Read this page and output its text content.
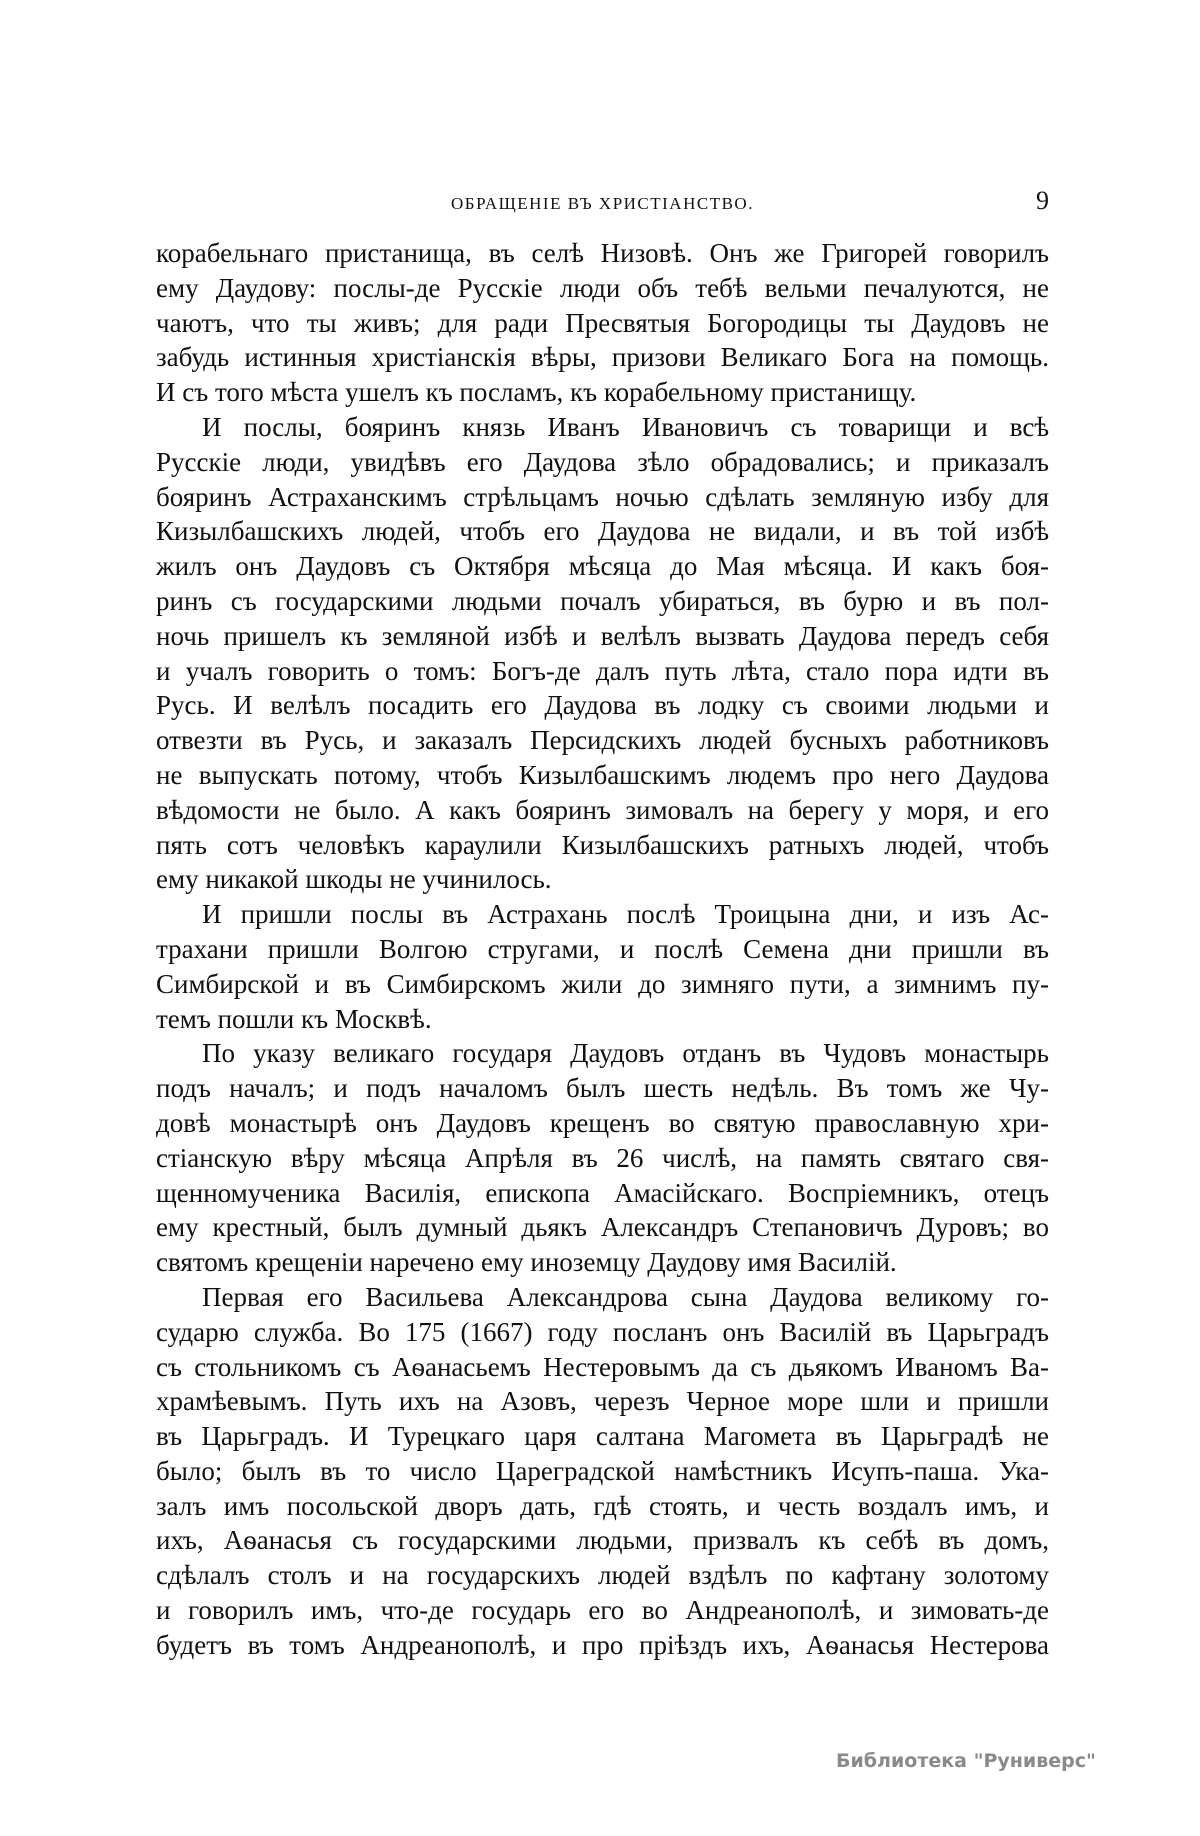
ОБРАЩЕНІЕ ВЪ ХРИСТІАНСТВО.	9
корабельнаго пристанища, въ селѣ Низовѣ. Онъ же Григорей говорилъ
ему Даудову: послы-де Русскіе люди объ тебѣ вельми печалуются, не
чаютъ, что ты живъ; для ради Пресвятыя Богородицы ты Даудовъ не
забудь истинныя христіанскія вѣры, призови Великаго Бога на помощь.
И съ того мѣста ушелъ къ посламъ, къ корабельному пристанищу.
И послы, бояринъ князь Иванъ Ивановичъ съ товарищи и всѣ
Русскіе люди, увидѣвъ его Даудова зѣло обрадовались; и приказалъ
бояринъ Астраханскимъ стрѣльцамъ ночью сдѣлать земляную избу для
Кизылбашскихъ людей, чтобъ его Даудова не видали, и въ той избѣ
жилъ онъ Даудовъ съ Октября мѣсяца до Мая мѣсяца. И какъ боя-
ринъ съ государскими людьми почалъ убираться, въ бурю и въ пол-
ночь пришелъ къ земляной избѣ и велѣлъ вызвать Даудова передъ себя
и учалъ говорить о томъ: Богъ-де далъ путь лѣта, стало пора идти въ
Русь. И велѣлъ посадить его Даудова въ лодку съ своими людьми и
отвезти въ Русь, и заказалъ Персидскихъ людей бусныхъ работниковъ
не выпускать потому, чтобъ Кизылбашскимъ людемъ про него Даудова
вѣдомости не было. А какъ бояринъ зимовалъ на берегу у моря, и его
пять сотъ человѣкъ караулили Кизылбашскихъ ратныхъ людей, чтобъ
ему никакой шкоды не учинилось.
И пришли послы въ Астрахань послѣ Троицына дни, и изъ Ас-
трахани пришли Волгою стругами, и послѣ Семена дни пришли въ
Симбирской и въ Симбирскомъ жили до зимняго пути, а зимнимъ пу-
темъ пошли къ Москвѣ.
По указу великаго государя Даудовъ отданъ въ Чудовъ монастырь
подъ началъ; и подъ началомъ былъ шесть недѣль. Въ томъ же Чу-
довѣ монастырѣ онъ Даудовъ крещенъ во святую православную хри-
стіанскую вѣру мѣсяца Апрѣля въ 26 числѣ, на память святаго свя-
щенномученика Василія, епископа Амасійскаго. Воспріемникъ, отецъ
ему крестный, былъ думный дьякъ Александръ Степановичъ Дуровъ; во
святомъ крещеніи наречено ему иноземцу Даудову имя Василій.
Первая его Васильева Александрова сына Даудова великому го-
сударю служба. Во 175 (1667) году посланъ онъ Василій въ Царьградъ
съ стольникомъ съ Аѳанасьемъ Нестеровымъ да съ дьякомъ Иваномъ Ва-
храмѣевымъ. Путь ихъ на Азовъ, черезъ Черное море шли и пришли
въ Царьградъ. И Турецкаго царя салтана Магомета въ Царьградѣ не
было; былъ въ то число Цареградской намѣстникъ Исупъ-паша. Ука-
залъ имъ посольской дворъ дать, гдѣ стоять, и честь воздалъ имъ, и
ихъ, Аѳанасья съ государскими людьми, призвалъ къ себѣ въ домъ,
сдѣлалъ столъ и на государскихъ людей вздѣлъ по кафтану золотому
и говорилъ имъ, что-де государь его во Андреанополѣ, и зимовать-де
будетъ въ томъ Андреанополѣ, и про пріѣздъ ихъ, Аѳанасья Нестерова
Библиотека "Руниверс"
